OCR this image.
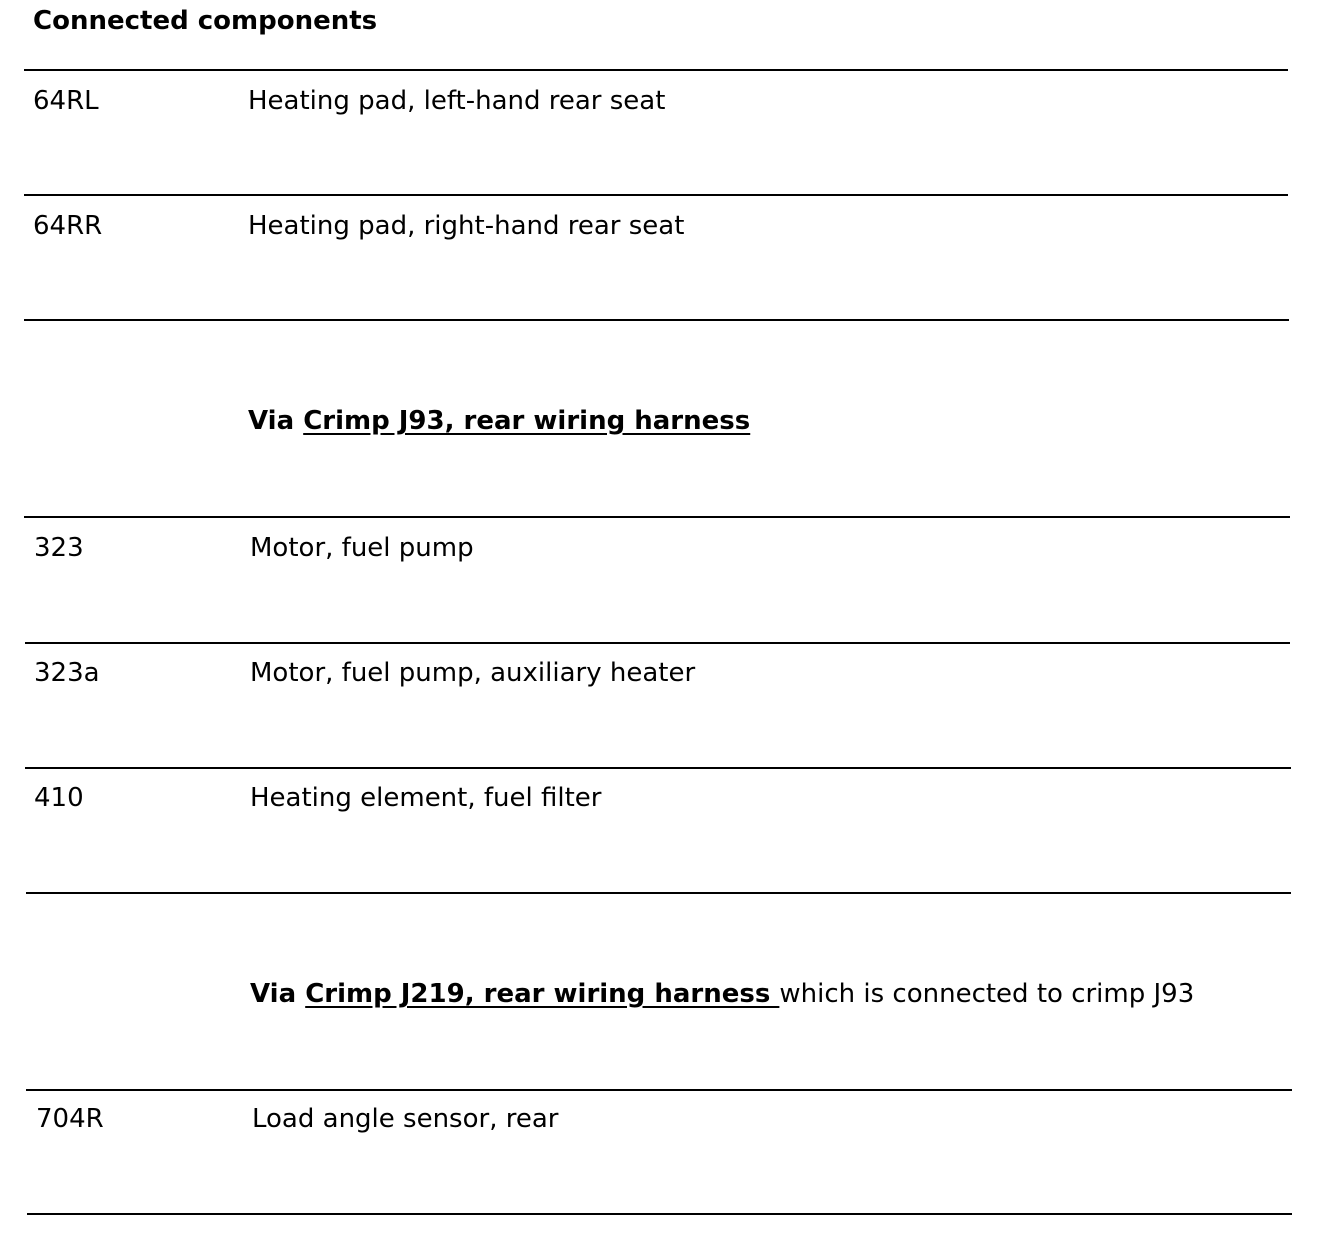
Connected components
64RL	Heating pad, left-hand rear seat
64RR	Heating pad, right-hand rear seat
Via Crimp J93, rear wiring harness
323	Motor, fuel pump
323a	Motor, fuel pump, auxiliary heater
410	Heating element, fuel filter
Via Crimp J219, rear wiring harness which is connected to crimp J93
704R	Load angle sensor, rear
